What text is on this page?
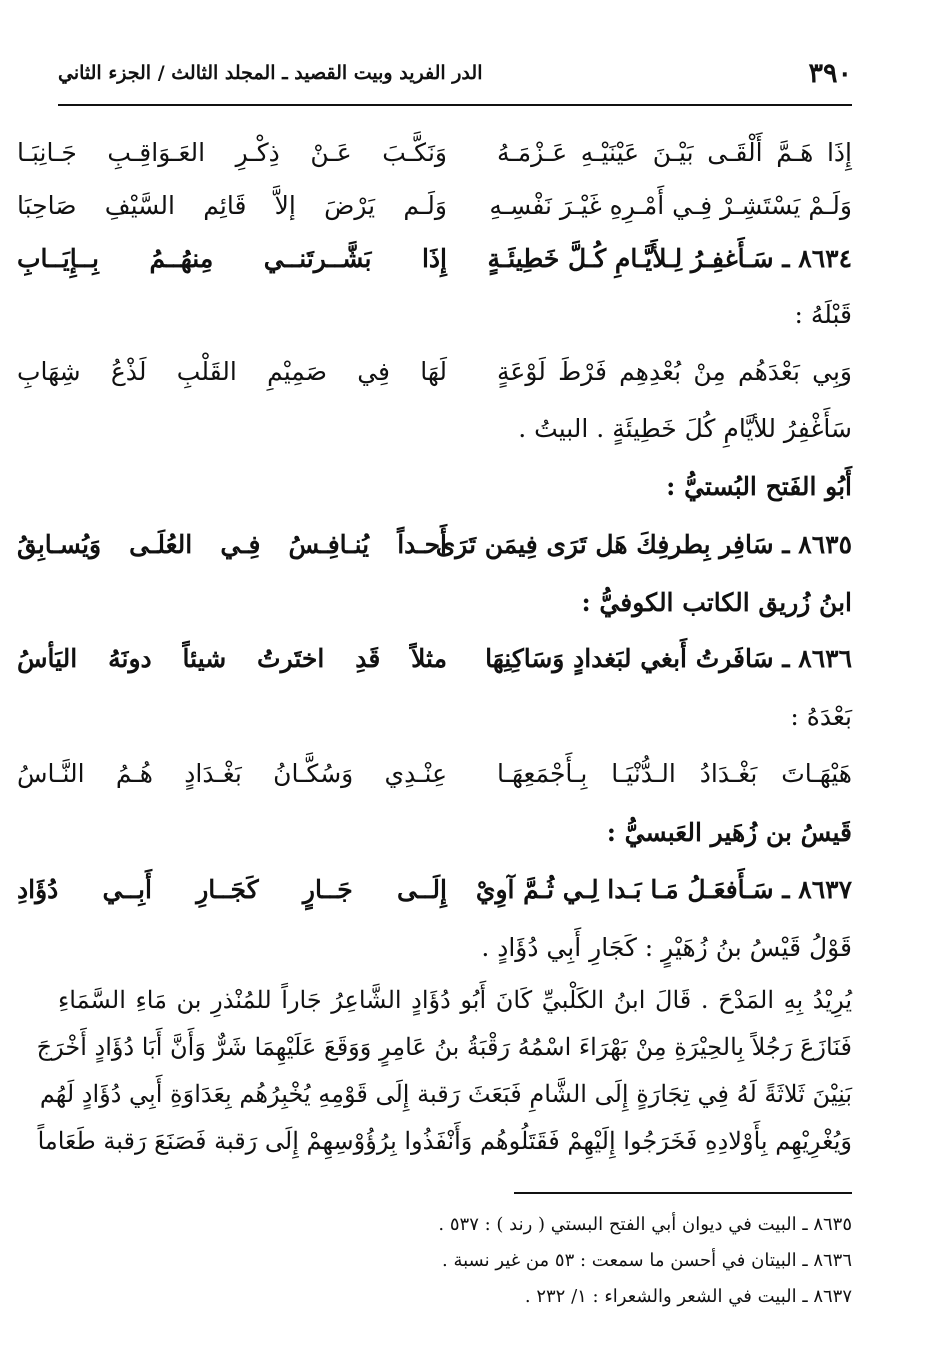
٣٩٠
الدر الفريد وبيت القصيد ـ المجلد الثالث / الجزء الثاني
إِذَا هَـمَّ أَلْقَـى بَيْـنَ عَيْنَيْـهِ عَـزْمَـهُ
وَنَكَّـبَ عَـنْ ذِكْـرِ العَـوَاقِـبِ جَـانِبَـا
وَلَـمْ يَسْتَشِـرْ فِـي أَمْـرِهِ غَيْـرَ نَفْسِـهِ
وَلَـم يَرْضَ إلاَّ قَائِم السَّيْفِ صَاحِبَا
٨٦٣٤ ـ سَـأَغفِـرُ لِـلأَيَّـامِ كُـلَّ خَطِيئَـةٍ
إِذَا بَشَّــرتَنــي مِنهُــمُ بِــإِيَــابِ
قَبْلَهُ :
وَبِي بَعْدَهُم مِنْ بُعْدِهِم فَرْطَ لَوْعَةٍ
لَهَا فِي صَمِيْمِ القَلْبِ لَذْعُ شِهَابِ
سَأَغْفِرُ للأيَّامِ كُلَ خَطِيئَةٍ . البيتُ .
أَبُو الفَتح البُستيُّ :
٨٦٣٥ ـ سَافِر بِطرفِكَ هَل تَرَى فِيمَن تَرَى
أَحـداً يُنـافِـسُ فِـي العُلَـى وَيُسـابِقُ
ابنُ زُريق الكاتب الكوفيُّ :
٨٦٣٦ ـ سَافَرتُ أَبغي لبَغدادٍ وَسَاكِنِهَا
مثلاً قَدِ اختَرتُ شيئاً دونَهُ اليَأسُ
بَعْدَهُ :
هَيْهَـاتَ بَغْـدَادُ الـدُّنْيَـا بِـأَجْمَعِهَـا
عِنْـدِي وَسُكَّـانُ بَغْـدَادٍ هُـمُ النَّـاسُ
قَيسُ بن زُهَير العَبسيُّ :
٨٦٣٧ ـ سَـأَفعَـلُ مَـا بَـدا لِـي ثُـمَّ آوِيْ
إِلَــى جَــارٍ كَجَــارِ أَبِــي دُؤَادِ
قَوْلُ قَيْسُ بنُ زُهَيْرٍ : كَجَارِ أَبِي دُؤَادٍ .
يُرِيْدُ بِهِ المَدْحَ . قَالَ ابنُ الكَلْبيِّ كَانَ أَبُو دُؤَادٍ الشَّاعِرُ جَاراً للمُنْذرِ بن مَاءِ السَّمَاءِ
فَنَازَعَ رَجُلاً بِالحِيْرَةِ مِنْ بَهْرَاءَ اسْمُهُ رَقْبَةُ بنُ عَامِرٍ وَوَقَعَ عَلَيْهِمَا شَرٌّ وَأَنَّ أَبَا دُؤَادٍ أَخْرَجَ
بَنِيْنَ ثَلاثَةً لَهُ فِي تِجَارَةٍ إِلَى الشَّامِ فَبَعَثَ رَقبة إِلَى قَوْمِهِ يُخْبِرُهُم بِعَدَاوَةِ أَبِي دُؤَادٍ لَهُم
وَيُغْرِيْهِم بِأَوْلادِهِ فَخَرَجُوا إِلَيْهِمْ فَقَتَلُوهُم وَأَنْفَذُوا بِرُؤُوْسِهِمْ إِلَى رَقبة فَصَنَعَ رَقبة طَعَاماً
٨٦٣٥ ـ البيت في ديوان أبي الفتح البستي ( رند ) : ٥٣٧ .
٨٦٣٦ ـ البيتان في أحسن ما سمعت : ٥٣ من غير نسبة .
٨٦٣٧ ـ البيت في الشعر والشعراء : ١/ ٢٣٢ .
